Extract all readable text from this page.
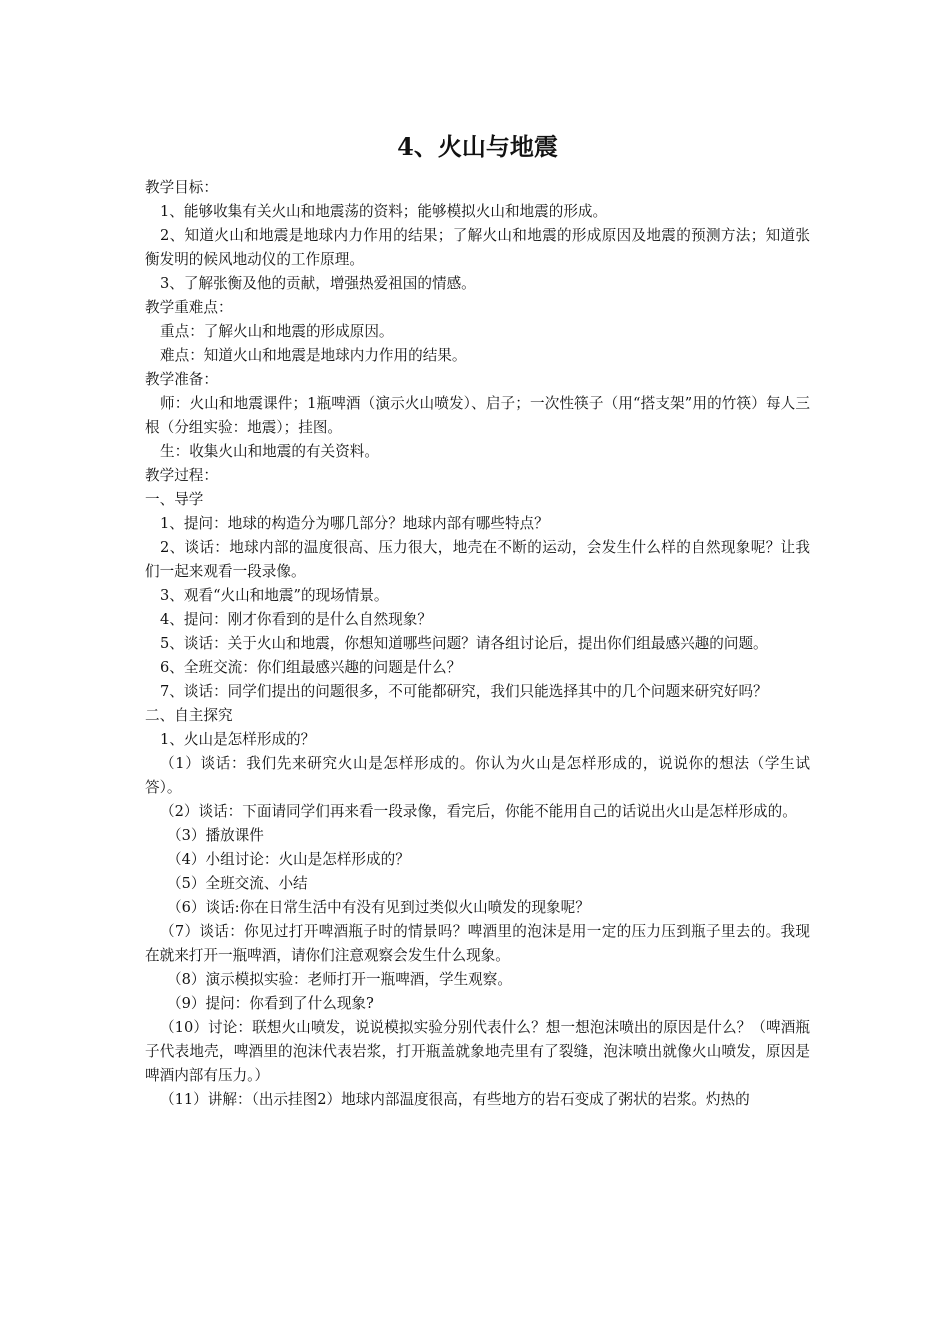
4、火山与地震

教学目标：

1、能够收集有关火山和地震荡的资料；能够模拟火山和地震的形成。

2、知道火山和地震是地球内力作用的结果；了解火山和地震的形成原因及地震的预测方法；知道张衡发明的候风地动仪的工作原理。

3、了解张衡及他的贡献，增强热爱祖国的情感。

教学重难点：

重点：了解火山和地震的形成原因。

难点：知道火山和地震是地球内力作用的结果。

教学准备：

师：火山和地震课件；1瓶啤酒（演示火山喷发）、启子；一次性筷子（用“搭支架”用的竹筷）每人三根（分组实验：地震）；挂图。

生：收集火山和地震的有关资料。

教学过程：

一、导学

1、提问：地球的构造分为哪几部分？地球内部有哪些特点？

2、谈话：地球内部的温度很高、压力很大，地壳在不断的运动，会发生什么样的自然现象呢？让我们一起来观看一段录像。

3、观看“火山和地震”的现场情景。

4、提问：刚才你看到的是什么自然现象？

5、谈话：关于火山和地震，你想知道哪些问题？请各组讨论后，提出你们组最感兴趣的问题。

6、全班交流：你们组最感兴趣的问题是什么？

7、谈话：同学们提出的问题很多，不可能都研究，我们只能选择其中的几个问题来研究好吗？

二、自主探究

1、火山是怎样形成的？

（1）谈话：我们先来研究火山是怎样形成的。你认为火山是怎样形成的，说说你的想法（学生试答）。

（2）谈话：下面请同学们再来看一段录像，看完后，你能不能用自己的话说出火山是怎样形成的。

（3）播放课件

（4）小组讨论：火山是怎样形成的？

（5）全班交流、小结

（6）谈话:你在日常生活中有没有见到过类似火山喷发的现象呢？

（7）谈话：你见过打开啤酒瓶子时的情景吗？啤酒里的泡沫是用一定的压力压到瓶子里去的。我现在就来打开一瓶啤酒，请你们注意观察会发生什么现象。

（8）演示模拟实验：老师打开一瓶啤酒，学生观察。

（9）提问：你看到了什么现象?

（10）讨论：联想火山喷发，说说模拟实验分别代表什么？想一想泡沫喷出的原因是什么？（啤酒瓶子代表地壳，啤酒里的泡沫代表岩浆，打开瓶盖就象地壳里有了裂缝，泡沫喷出就像火山喷发，原因是啤酒内部有压力。）

（11）讲解：（出示挂图2）地球内部温度很高，有些地方的岩石变成了粥状的岩浆。灼热的
